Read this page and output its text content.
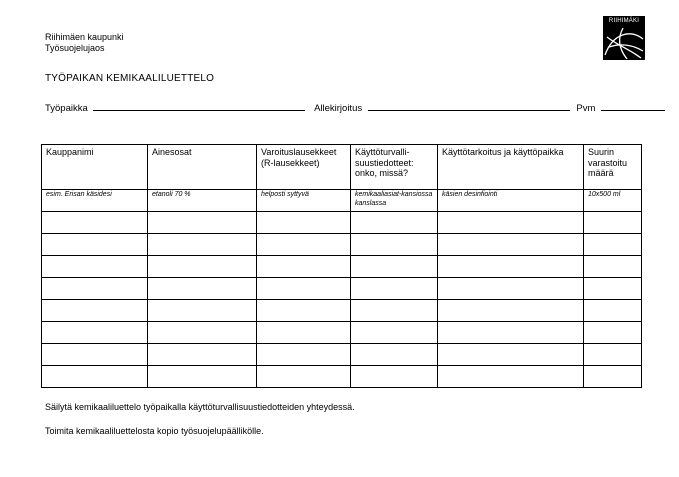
Riihimäen kaupunki
Työsuojelujaos
RIIHIMÄKI
TYÖPAIKAN KEMIKAALILUETTELO
Työpaikka	Allekirjoitus	Pvm
Kauppanimi	Ainesosat	Varoituslausekkeet (R-lausekkeet)	Käyttöturvalli-suustiedotteet: onko, missä?	Käyttötarkoitus ja käyttöpaikka	Suurin varastoitu määrä
esim. Erisan käsidesi	etanoli 70 %	helposti syttyvä	kemikaaliasiat-kansiossa kanslassa	käsien desinfiointi	10x500 ml

Säilytä kemikaaliluettelo työpaikalla käyttöturvallisuustiedotteiden yhteydessä.
Toimita kemikaaliluettelosta kopio työsuojelupäällikölle.
